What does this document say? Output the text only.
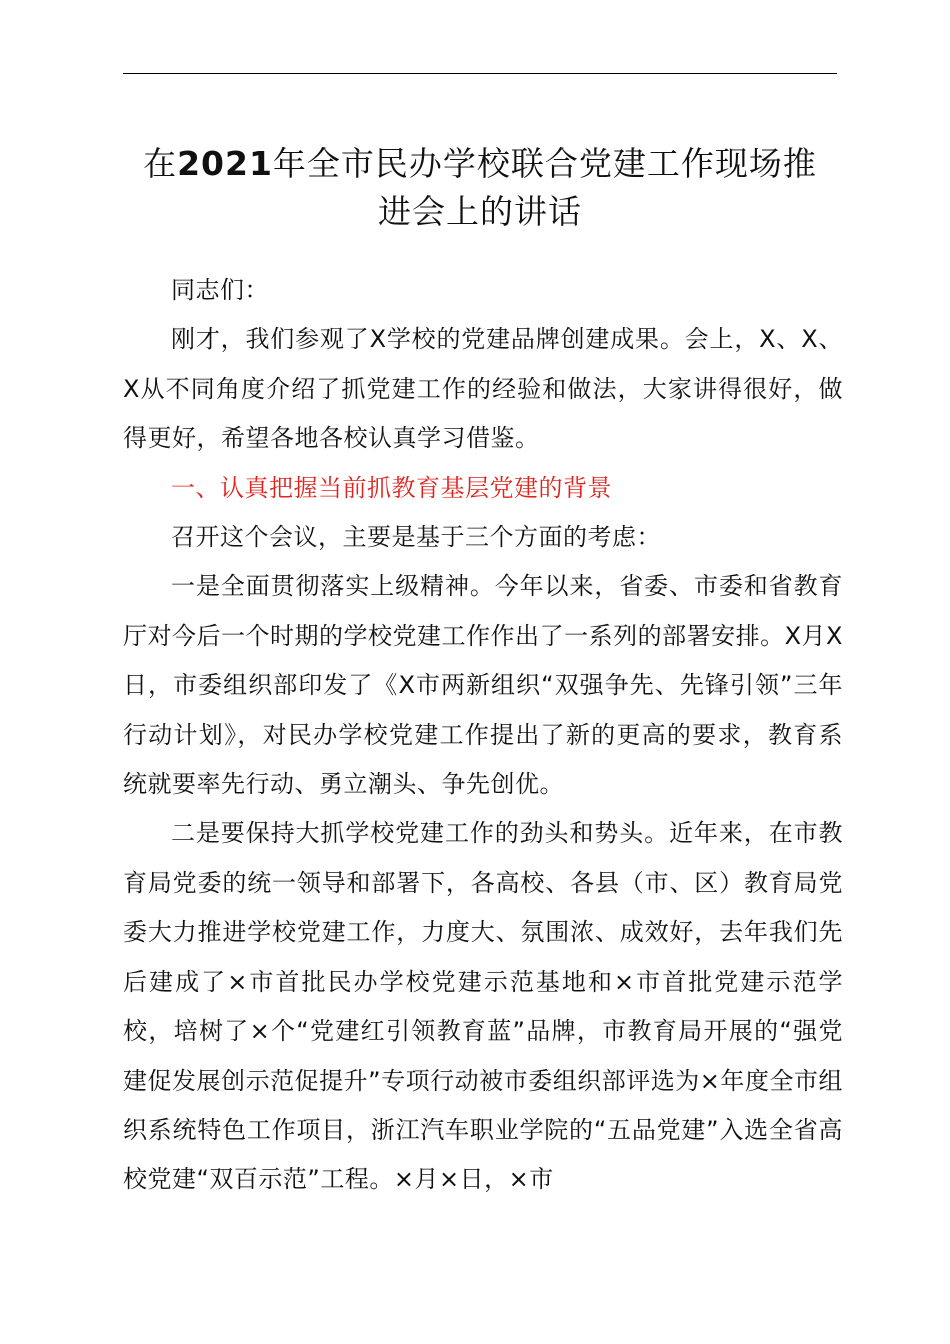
在2021年全市民办学校联合党建工作现场推
进会上的讲话

同志们：

刚才，我们参观了X学校的党建品牌创建成果。会上，X、X、X从不同角度介绍了抓党建工作的经验和做法，大家讲得很好，做得更好，希望各地各校认真学习借鉴。

一、认真把握当前抓教育基层党建的背景

召开这个会议，主要是基于三个方面的考虑：

一是全面贯彻落实上级精神。今年以来，省委、市委和省教育厅对今后一个时期的学校党建工作作出了一系列的部署安排。X月X日，市委组织部印发了《X市两新组织“双强争先、先锋引领”三年行动计划》，对民办学校党建工作提出了新的更高的要求，教育系统就要率先行动、勇立潮头、争先创优。

二是要保持大抓学校党建工作的劲头和势头。近年来，在市教育局党委的统一领导和部署下，各高校、各县（市、区）教育局党委大力推进学校党建工作，力度大、氛围浓、成效好，去年我们先后建成了×市首批民办学校党建示范基地和×市首批党建示范学校，培树了×个“党建红引领教育蓝”品牌，市教育局开展的“强党建促发展创示范促提升”专项行动被市委组织部评选为×年度全市组织系统特色工作项目，浙江汽车职业学院的“五品党建”入选全省高校党建“双百示范”工程。×月×日，×市
